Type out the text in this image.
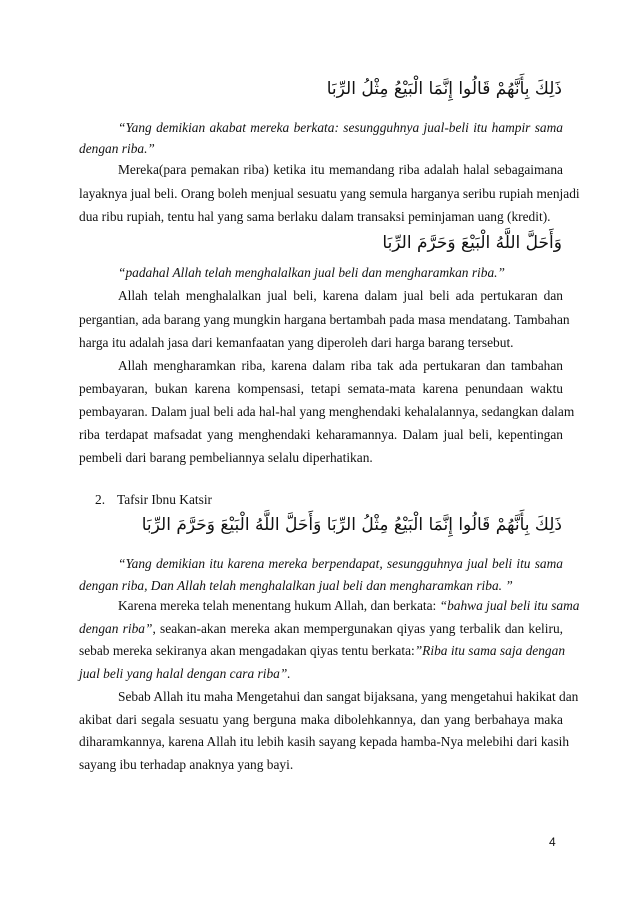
ذَلِكَ بِأَنَّهُمْ قَالُوا إِنَّمَا الْبَيْعُ مِثْلُ الرِّبَا
“Yang demikian akabat mereka berkata: sesungguhnya jual-beli itu hampir sama
dengan riba.”
Mereka(para pemakan riba) ketika itu memandang riba adalah halal sebagaimana
layaknya jual beli. Orang boleh menjual sesuatu yang semula harganya seribu rupiah menjadi
dua ribu rupiah, tentu hal yang sama berlaku dalam transaksi peminjaman uang (kredit).
وَأَحَلَّ اللَّهُ الْبَيْعَ وَحَرَّمَ الرِّبَا
“padahal Allah telah menghalalkan jual beli dan mengharamkan riba.”
Allah telah menghalalkan jual beli, karena dalam jual beli ada pertukaran dan
pergantian, ada barang yang mungkin hargana bertambah pada masa mendatang. Tambahan
harga itu adalah jasa dari kemanfaatan yang diperoleh dari harga barang tersebut.
Allah mengharamkan riba, karena dalam riba tak ada pertukaran dan tambahan
pembayaran, bukan karena kompensasi, tetapi semata-mata karena penundaan waktu
pembayaran. Dalam jual beli ada hal-hal yang menghendaki kehalalannya, sedangkan dalam
riba terdapat mafsadat yang menghendaki keharamannya. Dalam jual beli, kepentingan
pembeli dari barang pembeliannya selalu diperhatikan.
2. Tafsir Ibnu Katsir
ذَلِكَ بِأَنَّهُمْ قَالُوا إِنَّمَا الْبَيْعُ مِثْلُ الرِّبَا وَأَحَلَّ اللَّهُ الْبَيْعَ وَحَرَّمَ الرِّبَا
“Yang demikian itu karena mereka berpendapat, sesungguhnya jual beli itu sama
dengan riba, Dan Allah telah menghalalkan jual beli dan mengharamkan riba. ”
Karena mereka telah menentang hukum Allah, dan berkata: “bahwa jual beli itu sama
dengan riba”, seakan-akan mereka akan mempergunakan qiyas yang terbalik dan keliru,
sebab mereka sekiranya akan mengadakan qiyas tentu berkata:”Riba itu sama saja dengan
jual beli yang halal dengan cara riba”.
Sebab Allah itu maha Mengetahui dan sangat bijaksana, yang mengetahui hakikat dan
akibat dari segala sesuatu yang berguna maka dibolehkannya, dan yang berbahaya maka
diharamkannya, karena Allah itu lebih kasih sayang kepada hamba-Nya melebihi dari kasih
sayang ibu terhadap anaknya yang bayi.
4
